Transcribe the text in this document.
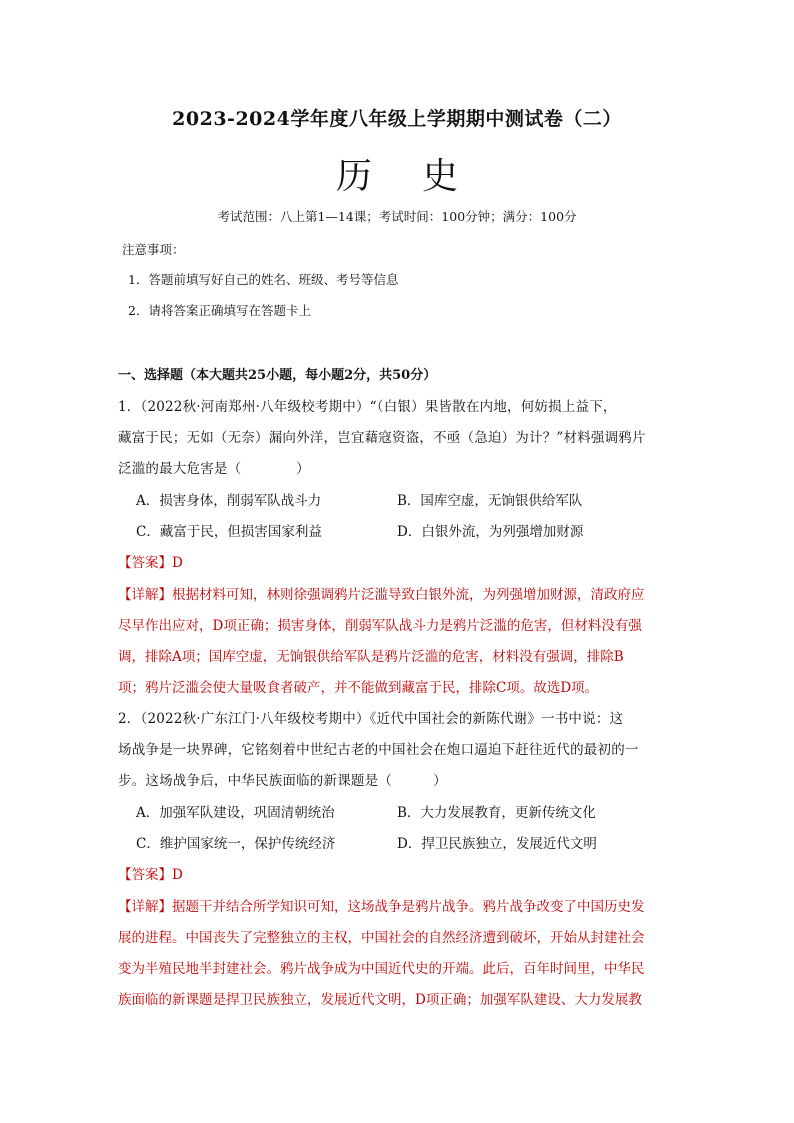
2023-2024学年度八年级上学期期中测试卷（二）
历史
考试范围：八上第1—14课；考试时间：100分钟；满分：100分
注意事项：
1．答题前填写好自己的姓名、班级、考号等信息
2．请将答案正确填写在答题卡上
一、选择题（本大题共25小题，每小题2分，共50分）
1．（2022秋·河南郑州·八年级校考期中）“（白银）果皆散在内地，何妨损上益下，
藏富于民；无如（无奈）漏向外洋，岂宜藉寇资盗，不亟（急迫）为计？”材料强调鸦片
泛滥的最大危害是（　　　　）
A．损害身体，削弱军队战斗力	B．国库空虚，无饷银供给军队
C．藏富于民，但损害国家利益	D．白银外流，为列强增加财源
【答案】D
【详解】根据材料可知，林则徐强调鸦片泛滥导致白银外流，为列强增加财源，清政府应
尽早作出应对，D项正确；损害身体，削弱军队战斗力是鸦片泛滥的危害，但材料没有强
调，排除A项；国库空虚，无饷银供给军队是鸦片泛滥的危害，材料没有强调，排除B
项；鸦片泛滥会使大量吸食者破产，并不能做到藏富于民，排除C项。故选D项。
2．（2022秋·广东江门·八年级校考期中）《近代中国社会的新陈代谢》一书中说：这
场战争是一块界碑，它铭刻着中世纪古老的中国社会在炮口逼迫下赶往近代的最初的一
步。这场战争后，中华民族面临的新课题是（　　　）
A．加强军队建设，巩固清朝统治	B．大力发展教育，更新传统文化
C．维护国家统一，保护传统经济	D．捍卫民族独立，发展近代文明
【答案】D
【详解】据题干并结合所学知识可知，这场战争是鸦片战争。鸦片战争改变了中国历史发
展的进程。中国丧失了完整独立的主权，中国社会的自然经济遭到破坏，开始从封建社会
变为半殖民地半封建社会。鸦片战争成为中国近代史的开端。此后，百年时间里，中华民
族面临的新课题是捍卫民族独立，发展近代文明，D项正确；加强军队建设、大力发展教
